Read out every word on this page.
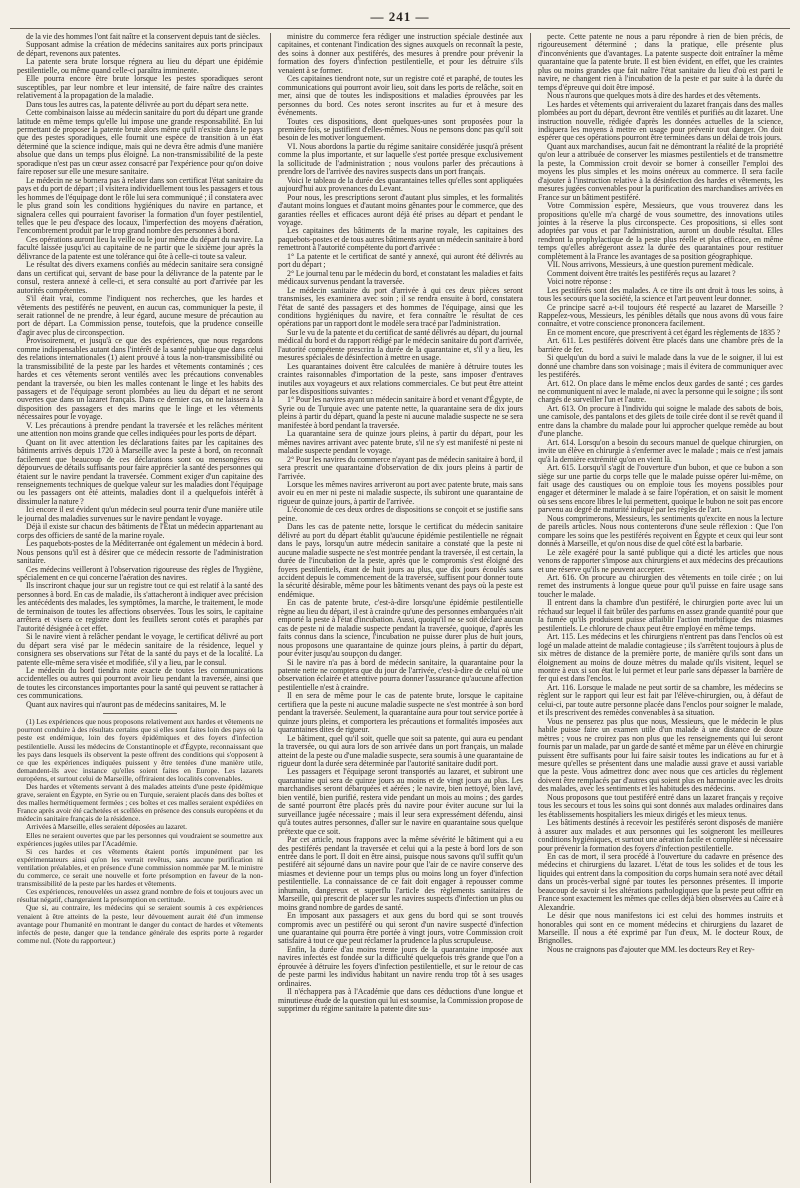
— 241 —

de la vie des hommes l'ont fait naître et la conservent depuis tant de siècles.

Supposant admise la création de médecins sanitaires aux ports principaux de départ, revenons aux patentes.

La patente sera brute lorsque régnera au lieu du départ une épidémie pestilentielle, ou même quand celle-ci paraîtra imminente.

Elle pourra encore être brute lorsque les pestes sporadiques seront susceptibles, par leur nombre et leur intensité, de faire naître des craintes relativement à la propagation de la maladie.

Dans tous les autres cas, la patente délivrée au port du départ sera nette.

Cette combinaison laisse au médecin sanitaire du port du départ une grande latitude en même temps qu'elle lui impose une grande responsabilité. En lui permettant de proposer la patente brute alors même qu'il n'existe dans le pays que des pestes sporadiques, elle fournit une espèce de transition à un état déterminé que la science indique, mais qui ne devra être admis d'une manière absolue que dans un temps plus éloigné. La non-transmissibilité de la peste sporadique n'est pas un cœur assez consacré par l'expérience pour qu'on doive faire reposer sur elle une mesure sanitaire.

Le médecin ne se bornera pas à relater dans son certificat l'état sanitaire du pays et du port de départ ; il visitera individuellement tous les passagers et tous les hommes de l'équipage dont le rôle lui sera communiqué ; il constatera avec le plus grand soin les conditions hygiéniques du navire en partance, et signalera celles qui pourraient favoriser la formation d'un foyer pestilentiel, telles que le peu d'espace des locaux, l'imperfection des moyens d'aération, l'encombrement produit par le trop grand nombre des personnes à bord.

Ces opérations auront lieu la veille ou le jour même du départ du navire. La faculté laissée jusqu'ici au capitaine de ne partir que le sixième jour après la délivrance de la patente est une tolérance qui ôte à celle-ci toute sa valeur.

Le résultat des divers examens confiés au médecin sanitaire sera consigné dans un certificat qui, servant de base pour la délivrance de la patente par le consul, restera annexé à celle-ci, et sera consulté au port d'arrivée par les autorités compétentes.

S'il était vrai, comme l'indiquent nos recherches, que les hardes et vêtements des pestiférés ne peuvent, en aucun cas, communiquer la peste, il serait rationnel de ne prendre, à leur égard, aucune mesure de précaution au port de départ. La Commission pense, toutefois, que la prudence conseille d'agir avec plus de circonspection.

Provisoirement, et jusqu'à ce que des expériences, que nous regardons comme indispensables autant dans l'intérêt de la santé publique que dans celui des relations internationales (1) aient prouvé à tous la non-transmissibilité ou la transmissibilité de la peste par les hardes et vêtements contaminés ; ces hardes et ces vêtements seront ventilés avec les précautions convenables pendant la traversée, ou bien les malles contenant le linge et les habits des passagers et de l'équipage seront plombées au lieu du départ et ne seront ouvertes que dans un lazaret français. Dans ce dernier cas, on ne laissera à la disposition des passagers et des marins que le linge et les vêtements nécessaires pour le voyage.

V. Les précautions à prendre pendant la traversée et les relâches méritent une attention non moins grande que celles indiquées pour les ports de départ.

Quant on lit avec attention les déclarations faites par les capitaines des bâtiments arrivés depuis 1720 à Marseille avec la peste à bord, on reconnaît facilement que beaucoup de ces déclarations sont ou mensongères ou dépourvues de détails suffisants pour faire apprécier la santé des personnes qui étaient sur le navire pendant la traversée. Comment exiger d'un capitaine des renseignements techniques de quelque valeur sur les maladies dont l'équipage ou les passagers ont été atteints, maladies dont il a quelquefois intérêt à dissimuler la nature ?

Ici encore il est évident qu'un médecin seul pourra tenir d'une manière utile le journal des maladies survenues sur le navire pendant le voyage.

Déjà il existe sur chacun des bâtiments de l'État un médecin appartenant au corps des officiers de santé de la marine royale.

Les paquebots-postes de la Méditerranée ont également un médecin à bord. Nous pensons qu'il est à désirer que ce médecin ressorte de l'administration sanitaire.

Ces médecins veilleront à l'observation rigoureuse des règles de l'hygiène, spécialement en ce qui concerne l'aération des navires.

Ils inscriront chaque jour sur un registre tout ce qui est relatif à la santé des personnes à bord. En cas de maladie, ils s'attacheront à indiquer avec précision les antécédents des malades, les symptômes, la marche, le traitement, le mode de terminaison de toutes les affections observées. Tous les soirs, le capitaine arrêtera et visera ce registre dont les feuillets seront cotés et paraphés par l'autorité désignée à cet effet.

Si le navire vient à relâcher pendant le voyage, le certificat délivré au port du départ sera visé par le médecin sanitaire de la résidence, lequel y consignera ses observations sur l'état de la santé du pays et de la localité. La patente elle-même sera visée et modifiée, s'il y a lieu, par le consul.

Le médecin du bord tiendra note exacte de toutes les communications accidentelles ou autres qui pourront avoir lieu pendant la traversée, ainsi que de toutes les circonstances importantes pour la santé qui peuvent se rattacher à ces communications.

Quant aux navires qui n'auront pas de médecins sanitaires, M. le

(1) Les expériences que nous proposons relativement aux hardes et vêtements ne pourront conduire à des résultats certains que si elles sont faites loin des pays où la peste est endémique, loin des foyers épidémiques et des foyers d'infection pestilentielle. Aussi les médecins de Constantinople et d'Égypte, reconnaissant que les pays dans lesquels ils observent la peste offrent des conditions qui s'opposent à ce que les expériences indiquées puissent y être tentées d'une manière utile, demandent-ils avec instance qu'elles soient faites en Europe. Les lazarets européens, et surtout celui de Marseille, offriraient des localités convenables.

Des hardes et vêtements servant à des malades atteints d'une peste épidémique grave, seraient en Égypte, en Syrie ou en Turquie, seraient placés dans des boîtes et des malles hermétiquement fermées ; ces boîtes et ces malles seraient expédiées en France après avoir été cachetées et scellées en présence des consuls européens et du médecin sanitaire français de la résidence.

Arrivées à Marseille, elles seraient déposées au lazaret.

Elles ne seraient ouvertes que par les personnes qui voudraient se soumettre aux expériences jugées utiles par l'Académie.

Si ces hardes et ces vêtements étaient portés impunément par les expérimentateurs ainsi qu'on les verrait revêtus, sans aucune purification ni ventilation préalables, et en présence d'une commission nommée par M. le ministre du commerce, ce serait une nouvelle et forte présomption en faveur de la non-transmissibilité de la peste par les hardes et vêtements.

Ces expériences, renouvelées un assez grand nombre de fois et toujours avec un résultat négatif, changeraient la présomption en certitude.

Que si, au contraire, les médecins qui se seraient soumis à ces expériences venaient à être atteints de la peste, leur dévouement aurait été d'un immense avantage pour l'humanité en montrant le danger du contact de hardes et vêtements infectés de peste, danger que la tendance générale des esprits porte à regarder comme nul. (Note du rapporteur.)

ministre du commerce fera rédiger une instruction spéciale destinée aux capitaines, et contenant l'indication des signes auxquels on reconnaît la peste, des soins à donner aux pestiférés, des mesures à prendre pour prévenir la formation des foyers d'infection pestilentielle, et pour les détruire s'ils venaient à se former.

Ces capitaines tiendront note, sur un registre coté et paraphé, de toutes les communications qui pourront avoir lieu, soit dans les ports de relâche, soit en mer, ainsi que de toutes les indispositions et maladies éprouvées par les personnes du bord. Ces notes seront inscrites au fur et à mesure des événements.

Toutes ces dispositions, dont quelques-unes sont proposées pour la première fois, se justifient d'elles-mêmes. Nous ne pensons donc pas qu'il soit besoin de les motiver longuement.

VI. Nous abordons la partie du régime sanitaire considérée jusqu'à présent comme la plus importante, et sur laquelle s'est portée presque exclusivement la sollicitude de l'administration ; nous voulons parler des précautions à prendre lors de l'arrivée des navires suspects dans un port français.

Voici le tableau de la durée des quarantaines telles qu'elles sont appliquées aujourd'hui aux provenances du Levant.

Pour nous, les prescriptions seront d'autant plus simples, et les formalités d'autant moins longues et d'autant moins gênantes pour le commerce, que des garanties réelles et efficaces auront déjà été prises au départ et pendant le voyage.

Les capitaines des bâtiments de la marine royale, les capitaines des paquebots-postes et de tous autres bâtiments ayant un médecin sanitaire à bord remettront à l'autorité compétente du port d'arrivée :

1° La patente et le certificat de santé y annexé, qui auront été délivrés au port du départ ;

2° Le journal tenu par le médecin du bord, et constatant les maladies et faits médicaux survenus pendant la traversée.

Le médecin sanitaire du port d'arrivée à qui ces deux pièces seront transmises, les examinera avec soin ; il se rendra ensuite à bord, constatera l'état de santé des passagers et des hommes de l'équipage, ainsi que les conditions hygiéniques du navire, et fera connaître le résultat de ces opérations par un rapport dont le modèle sera tracé par l'administration.

Sur le vu de la patente et du certificat de santé délivrés au départ, du journal médical du bord et du rapport rédigé par le médecin sanitaire du port d'arrivée, l'autorité compétente prescrira la durée de la quarantaine et, s'il y a lieu, les mesures spéciales de désinfection à mettre en usage.

Les quarantaines doivent être calculées de manière à détruire toutes les craintes raisonnables d'importation de la peste, sans imposer d'entraves inutiles aux voyageurs et aux relations commerciales. Ce but peut être atteint par les dispositions suivantes :

1° Pour les navires ayant un médecin sanitaire à bord et venant d'Égypte, de Syrie ou de Turquie avec une patente nette, la quarantaine sera de dix jours pleins à partir du départ, quand la peste ni aucune maladie suspecte ne se sera manifestée à bord pendant la traversée.

La quarantaine sera de quinze jours pleins, à partir du départ, pour les mêmes navires arrivant avec patente brute, s'il ne s'y est manifesté ni peste ni maladie suspecte pendant le voyage.

2° Pour les navires du commerce n'ayant pas de médecin sanitaire à bord, il sera prescrit une quarantaine d'observation de dix jours pleins à partir de l'arrivée.

Lorsque les mêmes navires arriveront au port avec patente brute, mais sans avoir eu en mer ni peste ni maladie suspecte, ils subiront une quarantaine de rigueur de quinze jours, à partir de l'arrivée.

L'économie de ces deux ordres de dispositions se conçoit et se justifie sans peine.

Dans les cas de patente nette, lorsque le certificat du médecin sanitaire délivré au port du départ établit qu'aucune épidémie pestilentielle ne régnait dans le pays, lorsqu'un autre médecin sanitaire a constaté que la peste ni aucune maladie suspecte ne s'est montrée pendant la traversée, il est certain, la durée de l'incubation de la peste, après que le compromis s'est éloigné des foyers pestilentiels, étant de huit jours au plus, que dix jours écoulés sans accident depuis le commencement de la traversée, suffisent pour donner toute la sécurité désirable, même pour les bâtiments venant des pays où la peste est endémique.

En cas de patente brute, c'est-à-dire lorsqu'une épidémie pestilentielle règne au lieu du départ, il est à craindre qu'une des personnes embarquées n'ait emporté la peste à l'état d'incubation. Aussi, quoiqu'il ne se soit déclaré aucun cas de peste ni de maladie suspecte pendant la traversée, quoique, d'après les faits connus dans la science, l'incubation ne puisse durer plus de huit jours, nous proposons une quarantaine de quinze jours pleins, à partir du départ, pour éviter jusqu'au soupçon du danger.

Si le navire n'a pas à bord de médecin sanitaire, la quarantaine pour la patente nette ne comptera que du jour de l'arrivée, c'est-à-dire de celui où une observation éclairée et attentive pourra donner l'assurance qu'aucune affection pestilentielle n'est à craindre.

Il en sera de même pour le cas de patente brute, lorsque le capitaine certifiera que la peste ni aucune maladie suspecte ne s'est montrée à son bord pendant la traversée. Seulement, la quarantaine aura pour tout service portée à quinze jours pleins, et comportera les précautions et formalités imposées aux quarantaines dites de rigueur.

Le bâtiment, quel qu'il soit, quelle que soit sa patente, qui aura eu pendant la traversée, ou qui aura lors de son arrivée dans un port français, un malade atteint de la peste ou d'une maladie suspecte, sera soumis à une quarantaine de rigueur dont la durée sera déterminée par l'autorité sanitaire dudit port.

Les passagers et l'équipage seront transportés au lazaret, et subiront une quarantaine qui sera de quinze jours au moins et de vingt jours au plus. Les marchandises seront débarquées et aérées ; le navire, bien nettoyé, bien lavé, bien ventilé, bien purifié, restera vide pendant un mois au moins ; des gardes de santé pourront être placés près du navire pour éviter aucune sur lui la surveillance jugée nécessaire ; mais il leur sera expressément défendu, ainsi qu'à toutes autres personnes, d'aller sur le navire en quarantaine sous quelque prétexte que ce soit.

Par cet article, nous frappons avec la même sévérité le bâtiment qui a eu des pestiférés pendant la traversée et celui qui a la peste à bord lors de son entrée dans le port. Il doit en être ainsi, puisque nous savons qu'il suffit qu'un pestiféré ait séjourné dans un navire pour que l'air de ce navire conserve des miasmes et devienne pour un temps plus ou moins long un foyer d'infection pestilentielle. La connaissance de ce fait doit engager à repousser comme inhumain, dangereux et superflu l'article des règlements sanitaires de Marseille, qui prescrit de placer sur les navires suspects d'infection un plus ou moins grand nombre de gardes de santé.

En imposant aux passagers et aux gens du bord qui se sont trouvés compromis avec un pestiféré ou qui seront d'un navire suspecté d'infection une quarantaine qui pourra être portée à vingt jours, votre Commission croit satisfaire à tout ce que peut réclamer la prudence la plus scrupuleuse.

Enfin, la durée d'au moins trente jours de la quarantaine imposée aux navires infectés est fondée sur la difficulté quelquefois très grande que l'on a éprouvée à détruire les foyers d'infection pestilentielle, et sur le retour de cas de peste parmi les individus habitant un navire rendu trop tôt à ses usages ordinaires.

Il n'échappera pas à l'Académie que dans ces déductions d'une longue et minutieuse étude de la question qui lui est soumise, la Commission propose de supprimer du régime sanitaire la patente dite sus-

pecte. Cette patente ne nous a paru répondre à rien de bien précis, de rigoureusement déterminé ; dans la pratique, elle présente plus d'inconvénients que d'avantages. La patente suspecte doit entraîner la même quarantaine que la patente brute. Il est bien évident, en effet, que les craintes plus ou moins grandes que fait naître l'état sanitaire du lieu d'où est parti le navire, ne changent rien à l'incubation de la peste et par suite à la durée du temps d'épreuve qui doit être imposé.

Nous n'aurons que quelques mots à dire des hardes et des vêtements.

Les hardes et vêtements qui arriveraient du lazaret français dans des malles plombées au port du départ, devront être ventilés et purifiés au dit lazaret. Une instruction nouvelle, rédigée d'après les données actuelles de la science, indiquera les moyens à mettre en usage pour prévenir tout danger. On doit espérer que ces opérations pourront être terminées dans un délai de trois jours.

Quant aux marchandises, aucun fait ne démontrant la réalité de la propriété qu'on leur a attribuée de conserver les miasmes pestilentiels et de transmettre la peste, la Commission croit devoir se borner à conseiller l'emploi des moyens les plus simples et les moins onéreux au commerce. Il sera facile d'ajouter à l'instruction relative à la désinfection des hardes et vêtements, les mesures jugées convenables pour la purification des marchandises arrivées en France sur un bâtiment pestiféré.

Votre Commission espère, Messieurs, que vous trouverez dans les propositions qu'elle m'a chargé de vous soumettre, des innovations utiles jointes à la réserve la plus circonspecte. Ces propositions, si elles sont adoptées par vous et par l'administration, auront un double résultat. Elles rendront la prophylactique de la peste plus réelle et plus efficace, en même temps qu'elles abrégeront assez la durée des quarantaines pour restituer complètement à la France les avantages de sa position géographique.

VII. Nous arrivons, Messieurs, à une question purement médicale.

Comment doivent être traités les pestiférés reçus au lazaret ?

Voici notre réponse :

Les pestiférés sont des malades. A ce titre ils ont droit à tous les soins, à tous les secours que la société, la science et l'art peuvent leur donner.

Ce principe sacré a-t-il toujours été respecté au lazaret de Marseille ? Rappelez-vous, Messieurs, les pénibles détails que nous avons dû vous faire connaître, et votre conscience prononcera facilement.

En ce moment encore, que prescrivent à cet égard les règlements de 1835 ?

Art. 611. Les pestiférés doivent être placés dans une chambre près de la barrière de fer.

Si quelqu'un du bord a suivi le malade dans la vue de le soigner, il lui est donné une chambre dans son voisinage ; mais il évitera de communiquer avec les pestiférés.

Art. 612. On place dans le même enclos deux gardes de santé ; ces gardes ne communiquent ni avec le malade, ni avec la personne qui le soigne ; ils sont chargés de surveiller l'un et l'autre.

Art. 613. On procure à l'individu qui soigne le malade des sabots de bois, une camisole, des pantalons et des gilets de toile cirée dont il se revêt quand il entre dans la chambre du malade pour lui approcher quelque remède au bout d'une planche.

Art. 614. Lorsqu'on a besoin du secours manuel de quelque chirurgien, on invite un élève en chirurgie à s'enfermer avec le malade ; mais ce n'est jamais qu'à la dernière extrémité qu'on en vient là.

Art. 615. Lorsqu'il s'agit de l'ouverture d'un bubon, et que ce bubon a son siège sur une partie du corps telle que le malade puisse opérer lui-même, on fait usage des caustiques ou on emploie tous les moyens possibles pour engager et déterminer le malade à se faire l'opération, et on saisit le moment où ses sens encore libres le lui permettent, quoique le bubon ne soit pas encore parvenu au degré de maturité indiqué par les règles de l'art.

Nous comprimerons, Messieurs, les sentiments qu'excite en nous la lecture de pareils articles. Nous nous contenterons d'une seule réflexion : Que l'on compare les soins que les pestiférés reçoivent en Égypte et ceux qui leur sont donnés à Marseille, et qu'on nous dise de quel côté est la barbarie.

Le zèle exagéré pour la santé publique qui a dicté les articles que nous venons de rapporter s'impose aux chirurgiens et aux médecins des précautions et une réserve qu'ils ne peuvent accepter.

Art. 616. On procure au chirurgien des vêtements en toile cirée ; on lui remet des instruments à longue queue pour qu'il puisse en faire usage sans toucher le malade.

Il entrent dans la chambre d'un pestiféré, le chirurgien porte avec lui un réchaud sur lequel il fait brûler des parfums en assez grande quantité pour que la fumée qu'ils produisent puisse affaiblir l'action morbifique des miasmes pestilentiels. Le chlorure de chaux peut être employé en même temps.

Art. 115. Les médecins et les chirurgiens n'entrent pas dans l'enclos où est logé un malade atteint de maladie contagieuse ; ils s'arrêtent toujours à plus de six mètres de distance de la première porte, de manière qu'ils sont dans un éloignement au moins de douze mètres du malade qu'ils visitent, lequel se montre à eux si son état le lui permet et leur parle sans dépasser la barrière de fer qui est dans l'enclos.

Art. 116. Lorsque le malade ne peut sortir de sa chambre, les médecins se règlent sur le rapport qui leur est fait par l'élève-chirurgien, ou, à défaut de celui-ci, par toute autre personne placée dans l'enclos pour soigner le malade, et ils prescrivent des remèdes convenables à sa situation.

Vous ne penserez pas plus que nous, Messieurs, que le médecin le plus habile puisse faire un examen utile d'un malade à une distance de douze mètres ; vous ne croirez pas non plus que les renseignements qui lui seront fournis par un malade, par un garde de santé et même par un élève en chirurgie puissent être suffisants pour lui faire saisir toutes les indications au fur et à mesure qu'elles se présentent dans une maladie aussi grave et aussi variable que la peste. Vous admettrez donc avec nous que ces articles du règlement doivent être remplacés par d'autres qui soient plus en harmonie avec les droits des malades, avec les sentiments et les habitudes des médecins.

Nous proposons que tout pestiféré entré dans un lazaret français y reçoive tous les secours et tous les soins qui sont donnés aux malades ordinaires dans les établissements hospitaliers les mieux dirigés et les mieux tenus.

Les bâtiments destinés à recevoir les pestiférés seront disposés de manière à assurer aux malades et aux personnes qui les soigneront les meilleures conditions hygiéniques, et surtout une aération facile et complète si nécessaire pour prévenir la formation des foyers d'infection pestilentielle.

En cas de mort, il sera procédé à l'ouverture du cadavre en présence des médecins et chirurgiens du lazaret. L'état de tous les solides et de tous les liquides qui entrent dans la composition du corps humain sera noté avec détail dans un procès-verbal signé par toutes les personnes présentes. Il importe beaucoup de savoir si les altérations pathologiques que la peste peut offrir en France sont exactement les mêmes que celles déjà bien observées au Caire et à Alexandrie.

Le désir que nous manifestons ici est celui des hommes instruits et honorables qui sont en ce moment médecins et chirurgiens du lazaret de Marseille. Il nous a été exprimé par l'un d'eux, M. le docteur Roux, de Brignolles.

Nous ne craignons pas d'ajouter que MM. les docteurs Rey et Rey-
